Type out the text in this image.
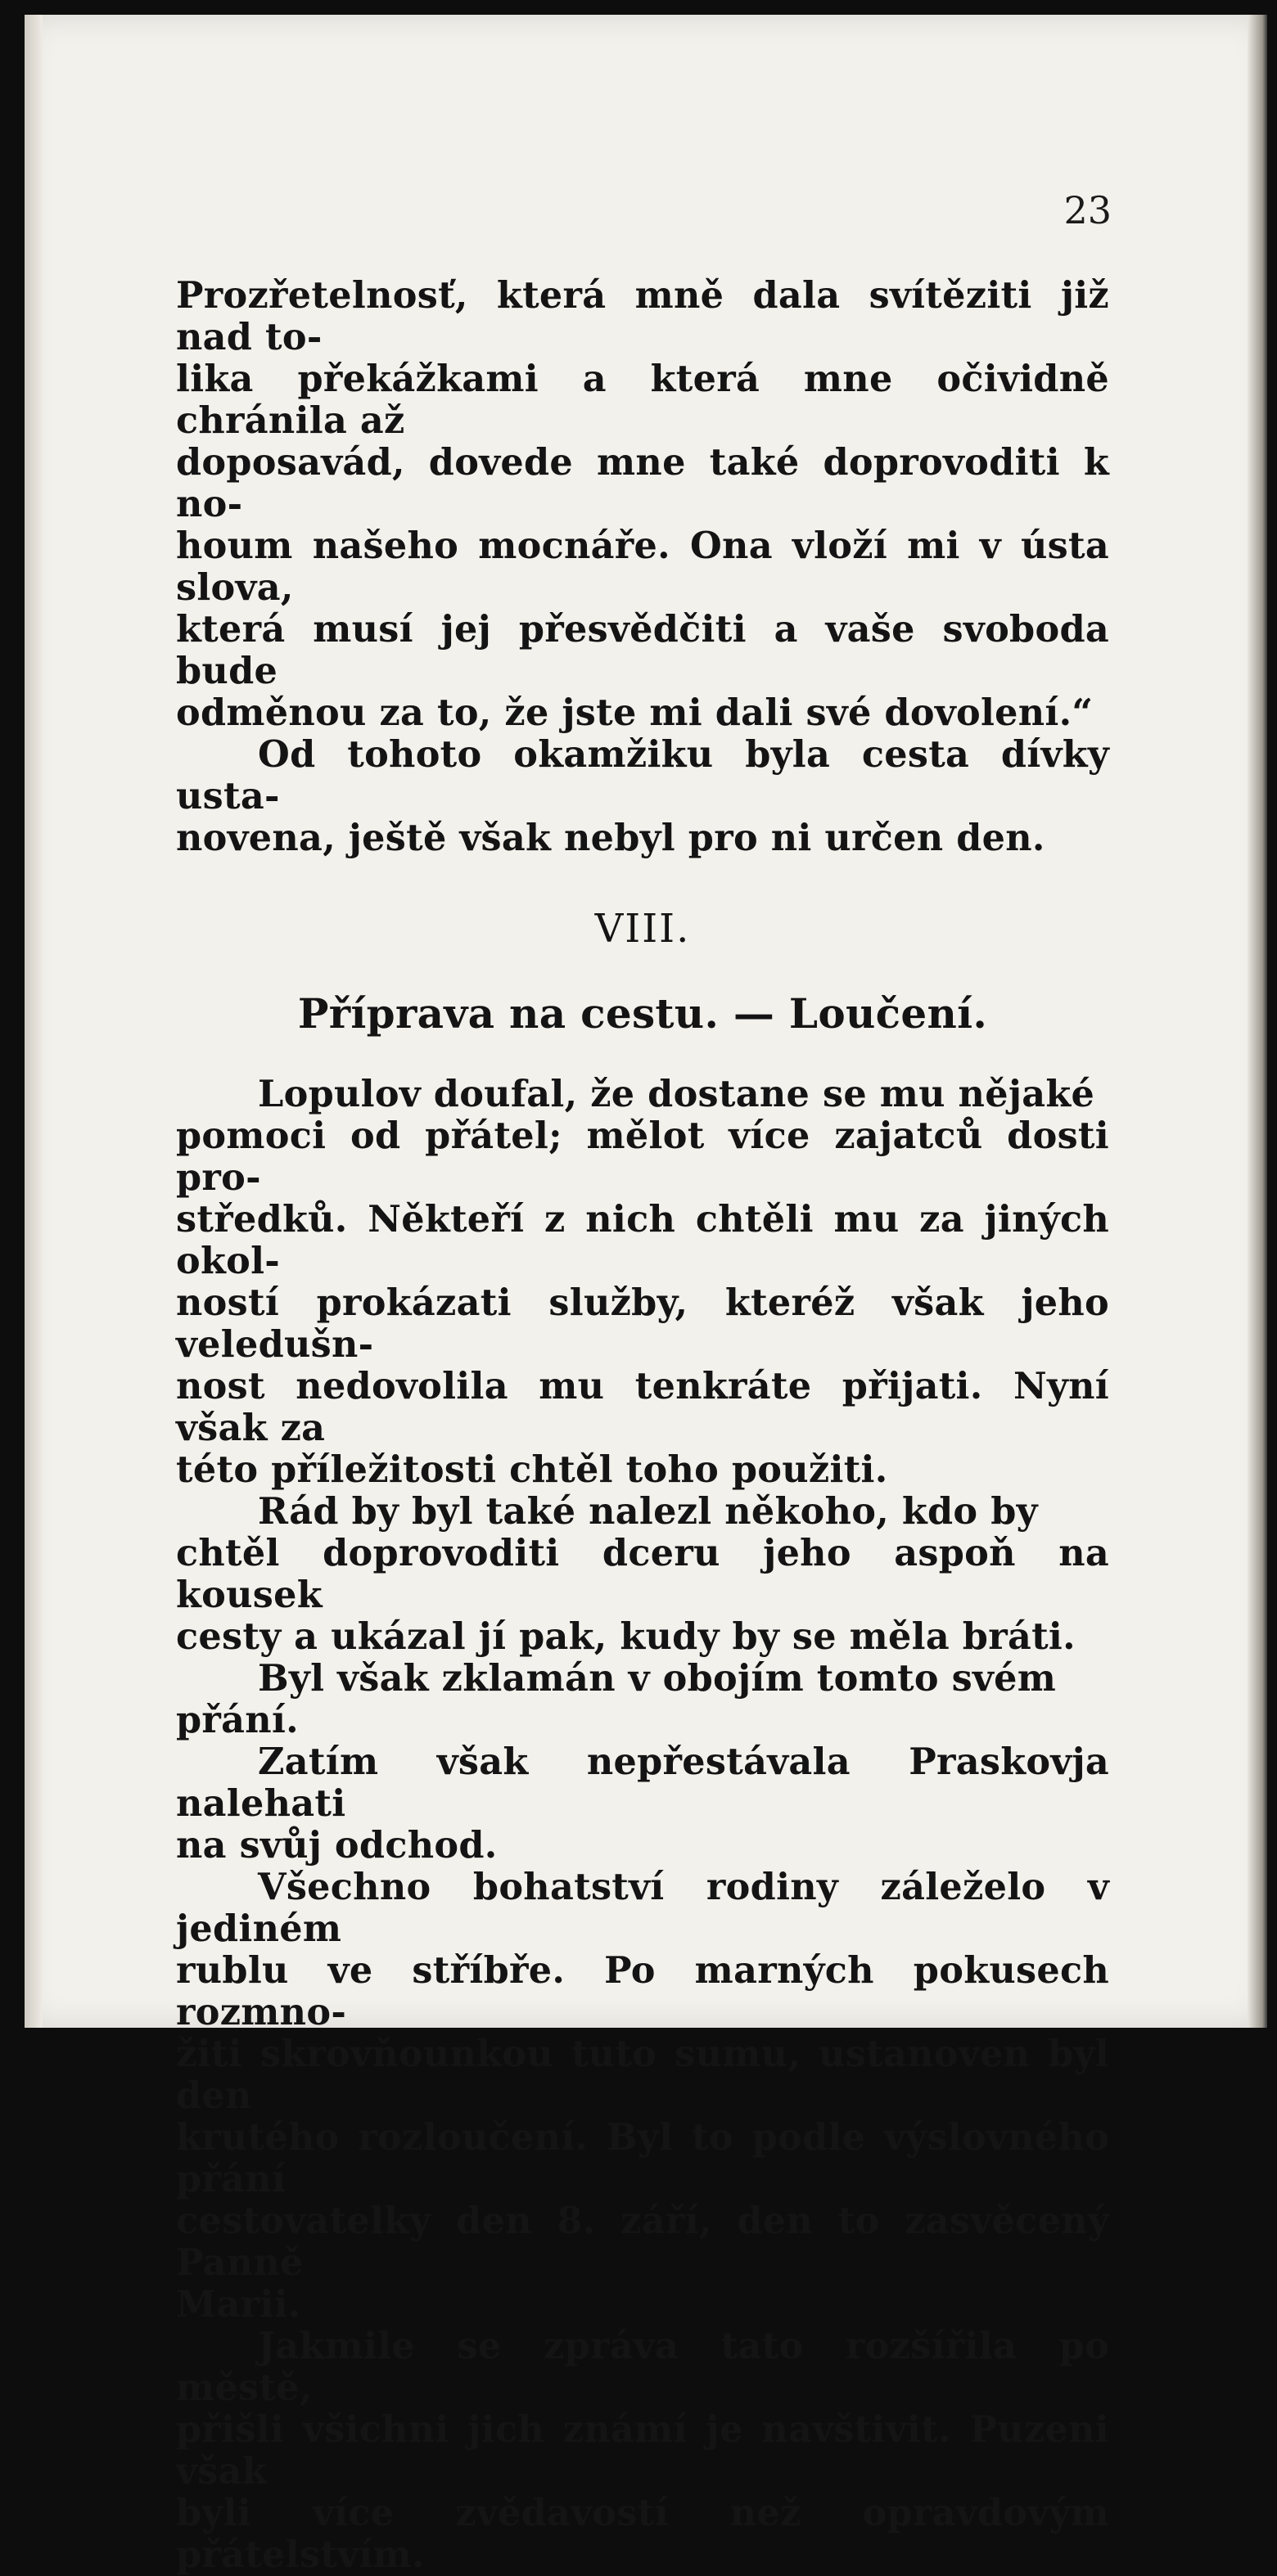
23

Prozřetelnosť, která mně dala svítěziti již nad to-
lika překážkami a která mne očividně chránila až
doposavád, dovede mne také doprovoditi k no-
houm našeho mocnáře. Ona vloží mi v ústa slova,
která musí jej přesvědčiti a vaše svoboda bude
odměnou za to, že jste mi dali své dovolení.“

Od tohoto okamžiku byla cesta dívky usta-
novena, ještě však nebyl pro ni určen den.

VIII.
Příprava na cestu. — Loučení.

Lopulov doufal, že dostane se mu nějaké
pomoci od přátel; mělot více zajatců dosti pro-
středků. Někteří z nich chtěli mu za jiných okol-
ností prokázati služby, kteréž však jeho veledušn-
nost nedovolila mu tenkráte přijati. Nyní však za
této příležitosti chtěl toho použiti.

Rád by byl také nalezl někoho, kdo by
chtěl doprovoditi dceru jeho aspoň na kousek
cesty a ukázal jí pak, kudy by se měla bráti.

Byl však zklamán v obojím tomto svém
přání.

Zatím však nepřestávala Praskovja nalehati
na svůj odchod.

Všechno bohatství rodiny záleželo v jediném
rublu ve stříbře. Po marných pokusech rozmno-
žiti skrovňounkou tuto sumu, ustanoven byl den
krutého rozloučení. Byl to podle výslovného přání
cestovatelky den 8. září, den to zasvěcený Panně
Marii.

Jakmile se zpráva tato rozšířila po městě,
přišli všichni jich známí je navštivit. Puzeni však
byli více zvědavostí než opravdovým přátelstvím.
